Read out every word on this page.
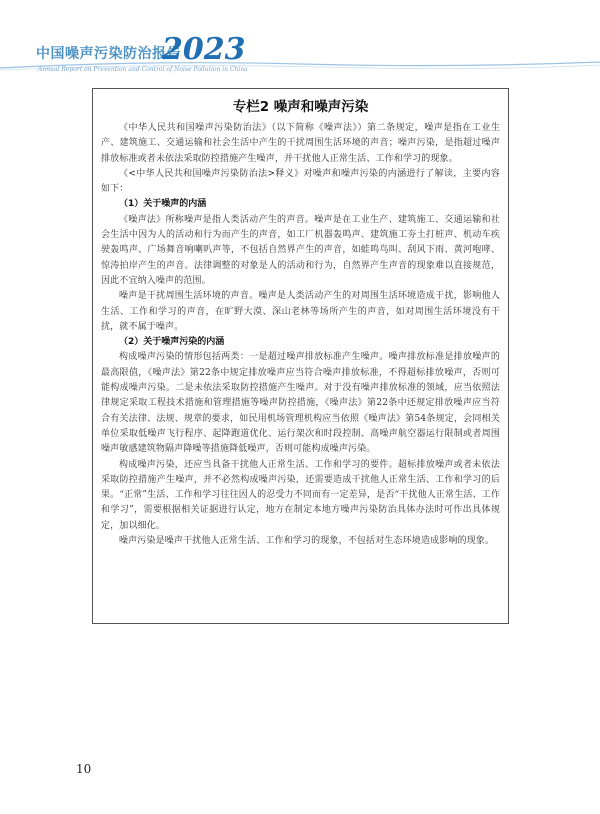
中国噪声污染防治报告
2023
Annual Report on Prevention and Control of Noise Pollution in China
专栏2 噪声和噪声污染

《中华人民共和国噪声污染防治法》（以下简称《噪声法》）第二条规定，噪声是指在工业生产、建筑施工、交通运输和社会生活中产生的干扰周围生活环境的声音；噪声污染，是指超过噪声排放标准或者未依法采取防控措施产生噪声，并干扰他人正常生活、工作和学习的现象。

《<中华人民共和国噪声污染防治法>释义》对噪声和噪声污染的内涵进行了解读，主要内容如下：

（1）关于噪声的内涵

《噪声法》所称噪声是指人类活动产生的声音。噪声是在工业生产、建筑施工、交通运输和社会生活中因为人的活动和行为而产生的声音，如工厂机器轰鸣声、建筑施工夯土打桩声、机动车疾驶轰鸣声、广场舞音响喇叭声等，不包括自然界产生的声音，如蛙鸣鸟叫、刮风下雨、黄河咆哮、惊涛拍岸产生的声音。法律调整的对象是人的活动和行为，自然界产生声音的现象难以直接规范，因此不宜纳入噪声的范围。

噪声是干扰周围生活环境的声音。噪声是人类活动产生的对周围生活环境造成干扰，影响他人生活、工作和学习的声音，在旷野大漠、深山老林等场所产生的声音，如对周围生活环境没有干扰，就不属于噪声。

（2）关于噪声污染的内涵

构成噪声污染的情形包括两类：一是超过噪声排放标准产生噪声。噪声排放标准是排放噪声的最高限值，《噪声法》第22条中规定排放噪声应当符合噪声排放标准，不得超标排放噪声，否则可能构成噪声污染。二是未依法采取防控措施产生噪声。对于没有噪声排放标准的领域，应当依照法律规定采取工程技术措施和管理措施等噪声防控措施，《噪声法》第22条中还规定排放噪声应当符合有关法律、法规、规章的要求，如民用机场管理机构应当依照《噪声法》第54条规定，会同相关单位采取低噪声飞行程序、起降跑道优化、运行架次和时段控制、高噪声航空器运行限制或者周围噪声敏感建筑物隔声降噪等措施降低噪声，否则可能构成噪声污染。

构成噪声污染，还应当具备干扰他人正常生活、工作和学习的要件。超标排放噪声或者未依法采取防控措施产生噪声，并不必然构成噪声污染，还需要造成干扰他人正常生活、工作和学习的后果。“正常”生活、工作和学习往往因人的忍受力不同而有一定差异，是否“干扰他人正常生活、工作和学习”，需要根据相关证据进行认定，地方在制定本地方噪声污染防治具体办法时可作出具体规定，加以细化。

噪声污染是噪声干扰他人正常生活、工作和学习的现象，不包括对生态环境造成影响的现象。

10
